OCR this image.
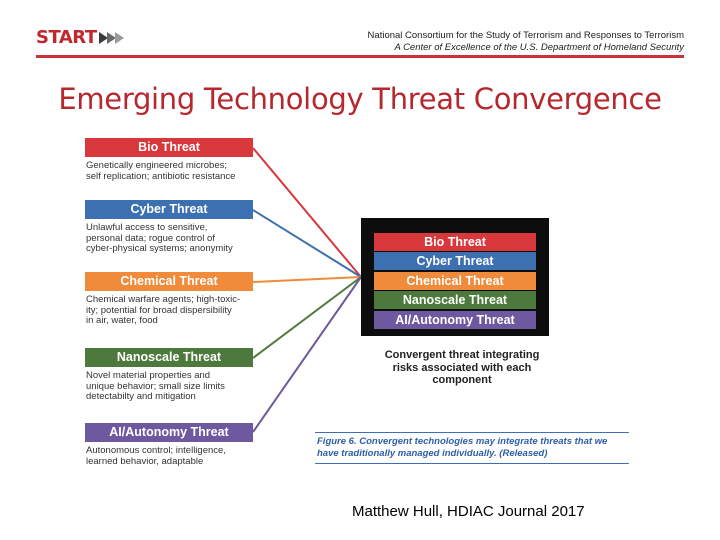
START	National Consortium for the Study of Terrorism and Responses to Terrorism
A Center of Excellence of the U.S. Department of Homeland Security
Emerging Technology Threat Convergence
Bio Threat
Genetically engineered microbes;
self replication; antibiotic resistance
Cyber Threat
Unlawful access to sensitive,
personal data; rogue control of
cyber-physical systems; anonymity
Chemical Threat
Chemical warfare agents; high-toxic-
ity; potential for broad dispersibility
in air, water, food
Nanoscale Threat
Novel material properties and
unique behavior; small size limits
detectabilty and mitigation
AI/Autonomy Threat
Autonomous control; intelligence,
learned behavior, adaptable
Bio Threat
Cyber Threat
Chemical Threat
Nanoscale Threat
AI/Autonomy Threat
Convergent threat integrating
risks associated with each
component
Figure 6. Convergent technologies may integrate threats that we
have traditionally managed individually. (Released)
Matthew Hull, HDIAC Journal 2017
